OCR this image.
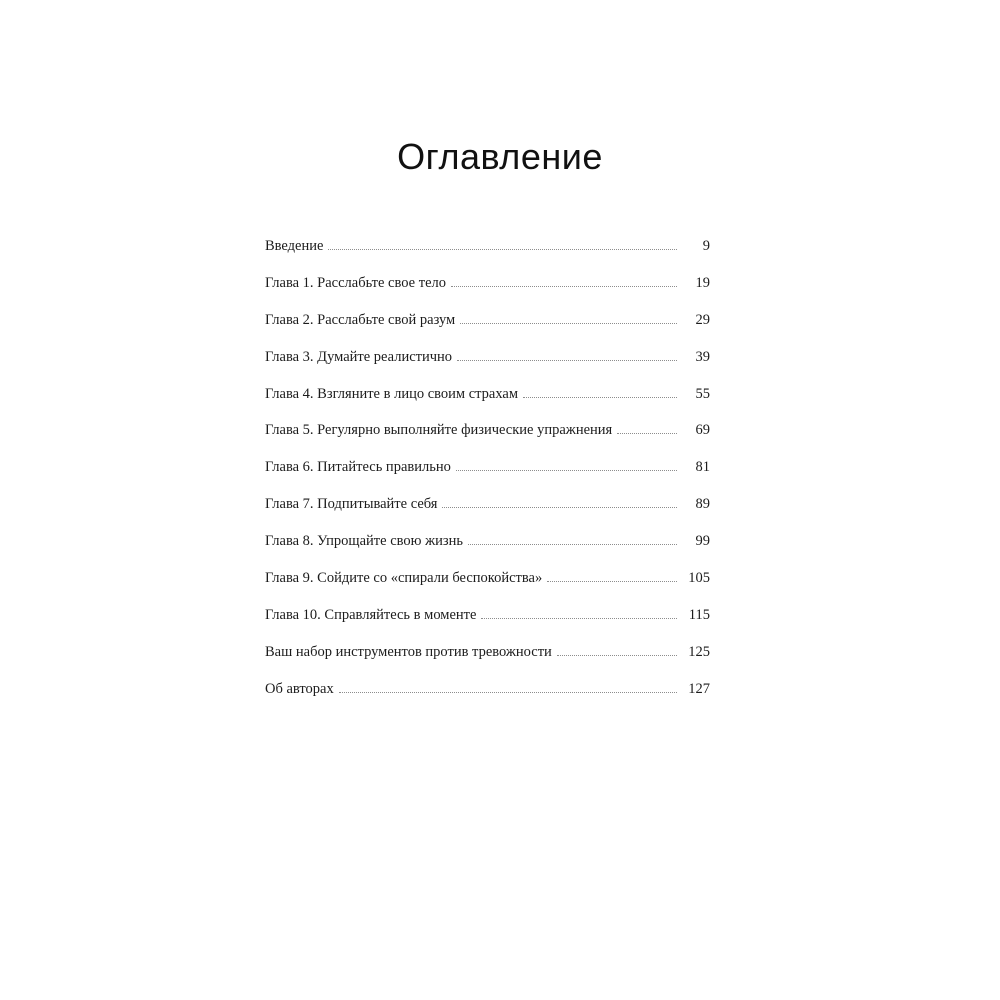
Оглавление
Введение	9
Глава 1. Расслабьте свое тело	19
Глава 2. Расслабьте свой разум	29
Глава 3. Думайте реалистично	39
Глава 4. Взгляните в лицо своим страхам	55
Глава 5. Регулярно выполняйте физические упражнения	69
Глава 6. Питайтесь правильно	81
Глава 7. Подпитывайте себя	89
Глава 8. Упрощайте свою жизнь	99
Глава 9. Сойдите со «спирали беспокойства»	105
Глава 10. Справляйтесь в моменте	115
Ваш набор инструментов против тревожности	125
Об авторах	127
